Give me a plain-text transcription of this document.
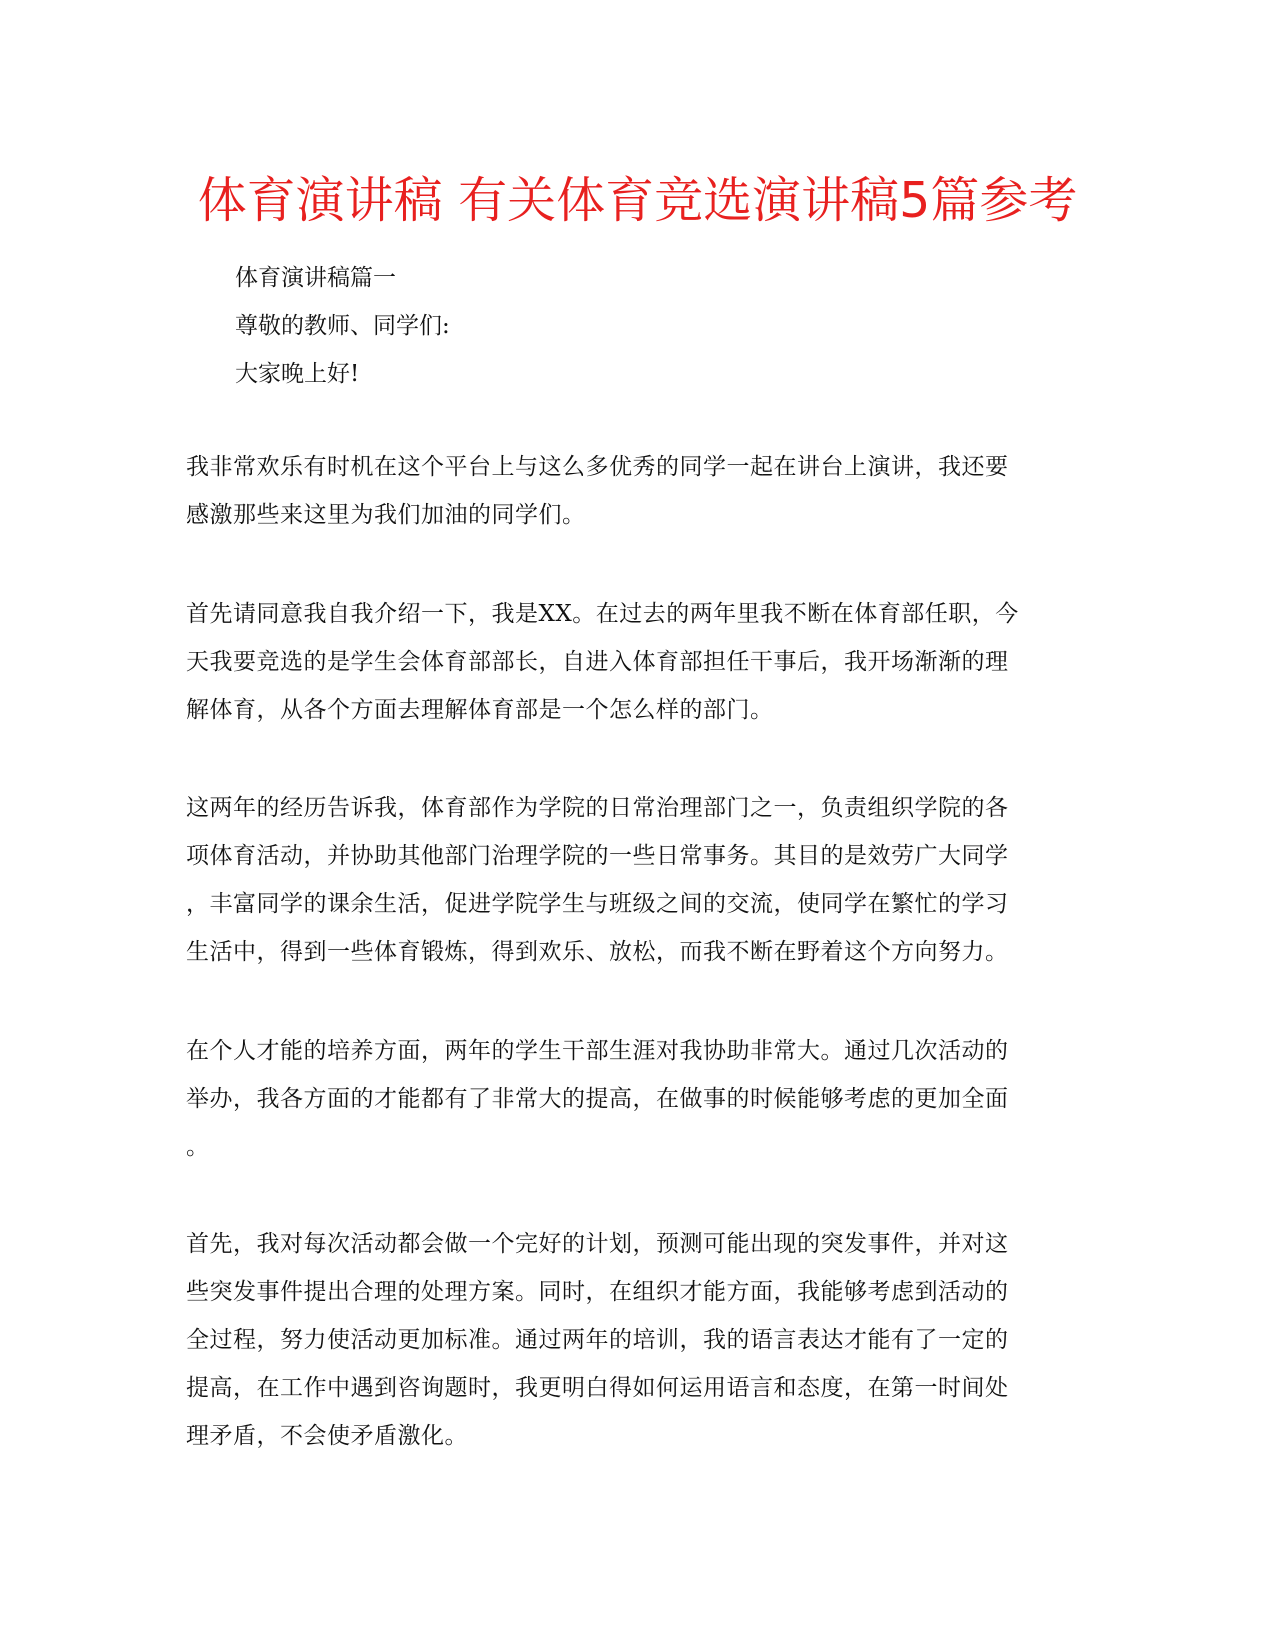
体育演讲稿 有关体育竞选演讲稿5篇参考
体育演讲稿篇一
尊敬的教师、同学们:
大家晚上好!
我非常欢乐有时机在这个平台上与这么多优秀的同学一起在讲台上演讲，我还要
感激那些来这里为我们加油的同学们。
首先请同意我自我介绍一下，我是XX。在过去的两年里我不断在体育部任职，今
天我要竞选的是学生会体育部部长，自进入体育部担任干事后，我开场渐渐的理
解体育，从各个方面去理解体育部是一个怎么样的部门。
这两年的经历告诉我，体育部作为学院的日常治理部门之一，负责组织学院的各
项体育活动，并协助其他部门治理学院的一些日常事务。其目的是效劳广大同学
，丰富同学的课余生活，促进学院学生与班级之间的交流，使同学在繁忙的学习
生活中，得到一些体育锻炼，得到欢乐、放松，而我不断在野着这个方向努力。
在个人才能的培养方面，两年的学生干部生涯对我协助非常大。通过几次活动的
举办，我各方面的才能都有了非常大的提高，在做事的时候能够考虑的更加全面
。
首先，我对每次活动都会做一个完好的计划，预测可能出现的突发事件，并对这
些突发事件提出合理的处理方案。同时，在组织才能方面，我能够考虑到活动的
全过程，努力使活动更加标准。通过两年的培训，我的语言表达才能有了一定的
提高，在工作中遇到咨询题时，我更明白得如何运用语言和态度，在第一时间处
理矛盾，不会使矛盾激化。
